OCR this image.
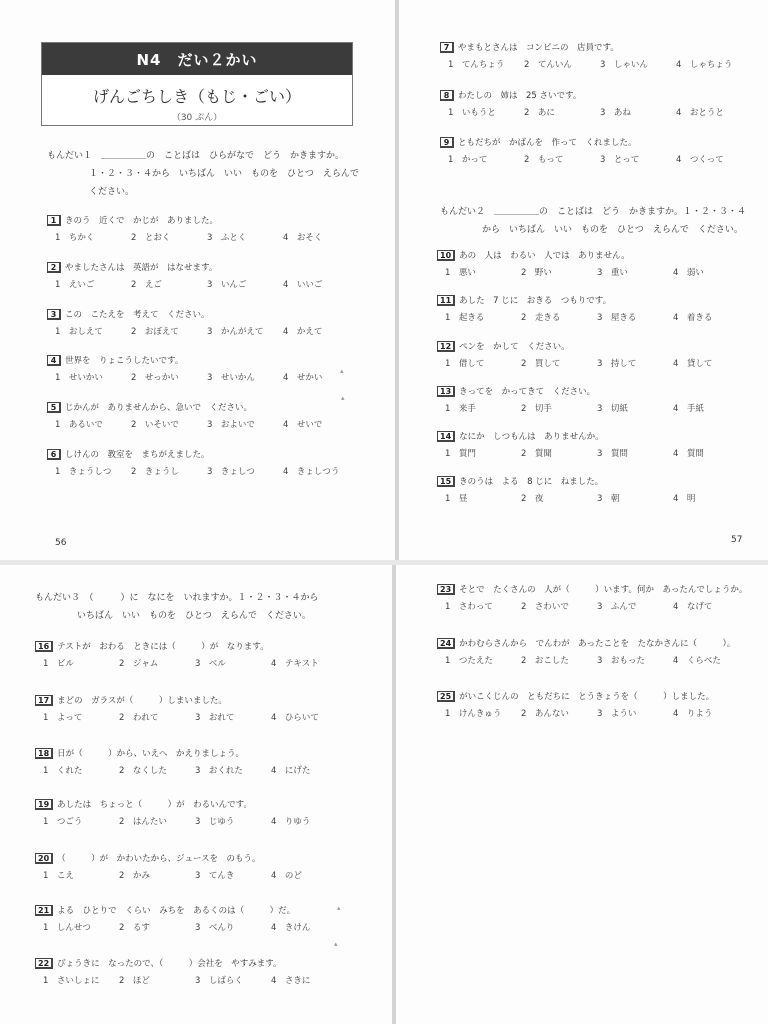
N4　だい２かい
げんごちしき（もじ・ごい）
（30 ぷん）
もんだい１　 ＿＿＿＿＿の　ことばは　ひらがなで　どう　かきますか。
１・２・３・４から　いちばん　いい　ものを　ひとつ　えらんで
ください。
もんだい２　 ＿＿＿＿＿の　ことばは　どう　かきますか。１・２・３・４
から　いちばん　いい　ものを　ひとつ　えらんで　ください。
もんだい３　 （　　　）に　なにを　いれますか。１・２・３・４から
いちばん　いい　ものを　ひとつ　えらんで　ください。
1	きのう　近くで　かじが　ありました。
1　ちかく	2　とおく	3　ふとく	4　おそく
2	やましたさんは　英語が　はなせます。
1　えいご	2　えご	3　いんご	4　いいご
3	この　こたえを　考えて　ください。
1　おしえて	2　おぼえて	3　かんがえて 4　かえて
4	世界を　りょこうしたいです。
1　せいかい	2　せっかい	3　せいかん	4　せかい
5	じかんが　ありませんから、急いで　ください。
1　あるいで	2　いそいで	3　およいで	4　せいで
6	しけんの　教室を　まちがえました。
1　きょうしつ 2　きょうし	3　きょしつ	4　きょしつう
7	やまもとさんは　コンビニの　店員です。
1　てんちょう 2　てんいん	3　しゃいん	4　しゃちょう
8	わたしの　姉は　25 さいです。
1　いもうと	2　あに	3　あね	4　おとうと
9	ともだちが　かばんを　作って　くれました。
1　かって	2　もって	3　とって	4　つくって
10 あの　人は　わるい　人では　ありません。
1　悪い	2　野い	3　重い	4　弱い
11 あした　7 じに　おきる　つもりです。
1　起きる	2　走きる	3　屋きる	4　着きる
12 ペンを　かして　ください。
1　借して	2　買して	3　持して	4　貸して
13 きってを　かってきて　ください。
1　来手	2　切手	3　切紙	4　手紙
14 なにか　しつもんは　ありませんか。
1　質門	2　質聞	3　質問	4　質間
15 きのうは　よる　8 じに　ねました。
1　昼	2　夜	3　朝	4　明
16 テストが　おわる　ときには（　　　）が　なります。
1　ビル	2　ジャム	3　ベル	4　テキスト
17 まどの　ガラスが（　　　）しまいました。
1　よって	2　われて	3　おれて	4　ひらいて
18 日が（　　　）から、いえへ　かえりましょう。
1　くれた	2　なくした	3　おくれた	4　にげた
19 あしたは　ちょっと（　　　）が　わるいんです。
1　つごう	2　はんたい	3　じゆう	4　りゆう
20 （　　　）が　かわいたから、ジュースを　のもう。
1　こえ	2　かみ	3　てんき	4　のど
21 よる　ひとりで　くらい　みちを　あるくのは（　　　）だ。
1　しんせつ	2　るす	3　べんり	4　きけん
22 びょうきに　なったので、（　　　）会社を　やすみます。
1　さいしょに 2　ほど	3　しばらく	4　さきに
23 そとで　たくさんの　人が（　　　）います。何か　あったんでしょうか。
1　さわって	2　さわいで	3　ふんで	4　なげて
24 かわむらさんから　でんわが　あったことを　たなかさんに（　　　）。
1　つたえた	2　おこした	3　おもった	4　くらべた
25 がいこくじんの　ともだちに　とうきょうを（　　　）しました。
1　けんきゅう 2　あんない	3　ようい	4　りよう
56	57
▴
▴
▴
▴
